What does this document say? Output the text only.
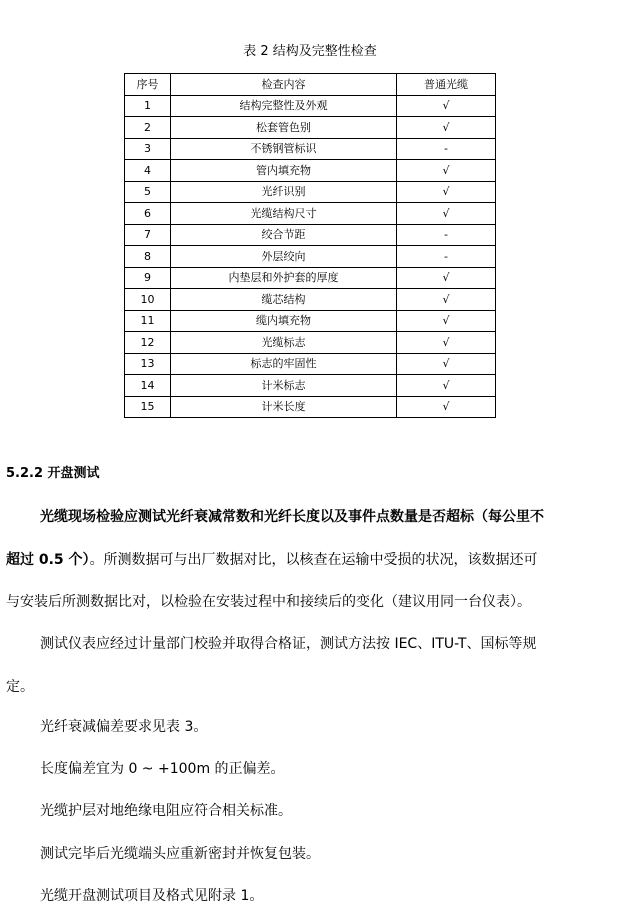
表 2 结构及完整性检查
序号	检查内容	普通光缆
1	结构完整性及外观	√
2	松套管色别	√
3	不锈钢管标识	-
4	管内填充物	√
5	光纤识别	√
6	光缆结构尺寸	√
7	绞合节距	-
8	外层绞向	-
9	内垫层和外护套的厚度	√
10	缆芯结构	√
11	缆内填充物	√
12	光缆标志	√
13	标志的牢固性	√
14	计米标志	√
15	计米长度	√
5.2.2 开盘测试
光缆现场检验应测试光纤衰减常数和光纤长度以及事件点数量是否超标（每公里不
超过 0.5 个）。所测数据可与出厂数据对比，以核查在运输中受损的状况，该数据还可
与安装后所测数据比对，以检验在安装过程中和接续后的变化（建议用同一台仪表）。
测试仪表应经过计量部门校验并取得合格证，测试方法按 IEC、ITU-T、国标等规
定。
光纤衰减偏差要求见表 3。
长度偏差宜为 0 ~ +100m 的正偏差。
光缆护层对地绝缘电阻应符合相关标准。
测试完毕后光缆端头应重新密封并恢复包装。
光缆开盘测试项目及格式见附录 1。
